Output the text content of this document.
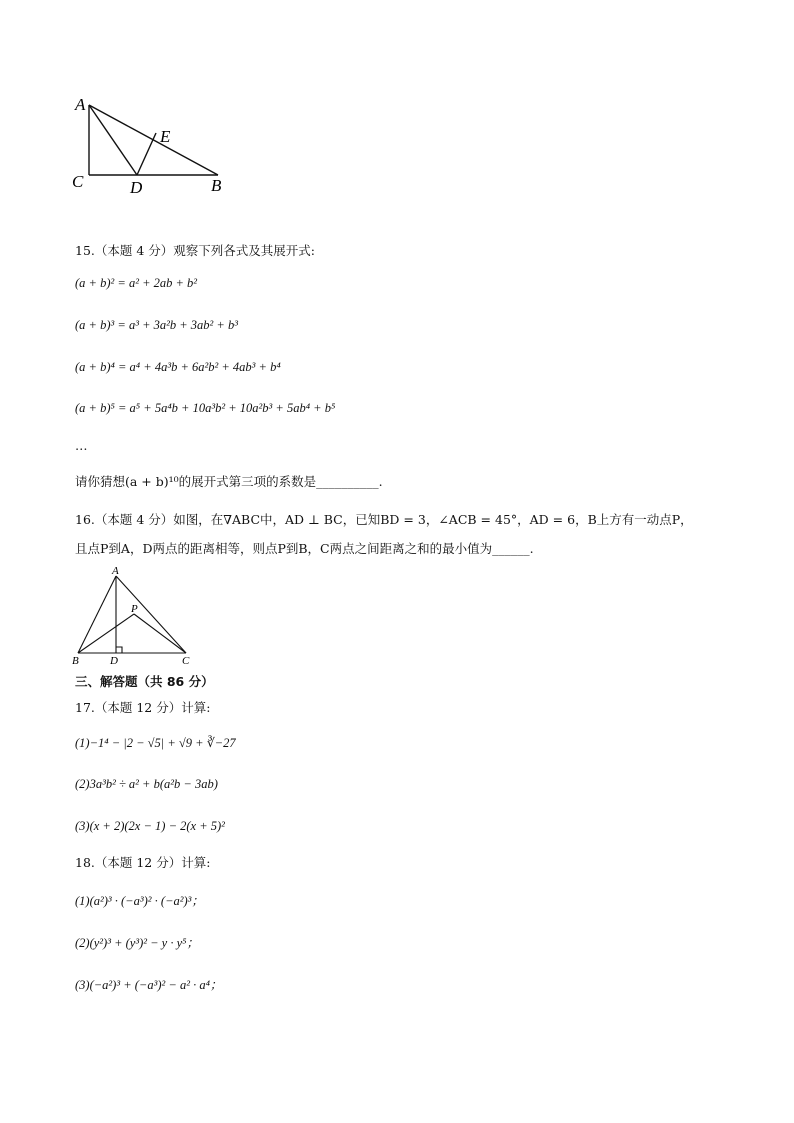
A
C	D	B
E
15.（本题 4 分）观察下列各式及其展开式:
(a + b)² = a² + 2ab + b²
(a + b)³ = a³ + 3a²b + 3ab² + b³
(a + b)⁴ = a⁴ + 4a³b + 6a²b² + 4ab³ + b⁴
(a + b)⁵ = a⁵ + 5a⁴b + 10a³b² + 10a²b³ + 5ab⁴ + b⁵
…
请你猜想(a + b)¹⁰的展开式第三项的系数是__________.
16.（本题 4 分）如图，在∇ABC中，AD ⊥ BC，已知BD = 3，∠ACB = 45°，AD = 6，B上方有一动点P，
且点P到A，D两点的距离相等，则点P到B，C两点之间距离之和的最小值为______.
A
P
B	D	C
三、解答题（共 86 分）
17.（本题 12 分）计算:
(1)−1⁴ − |2 − √5| + √9 + ∛−27
(2)3a³b² ÷ a² + b(a²b − 3ab)
(3)(x + 2)(2x − 1) − 2(x + 5)²
18.（本题 12 分）计算:
(1)(a²)³ · (−a³)² · (−a²)³；
(2)(y²)³ + (y³)² − y · y⁵；
(3)(−a²)³ + (−a³)² − a² · a⁴；
